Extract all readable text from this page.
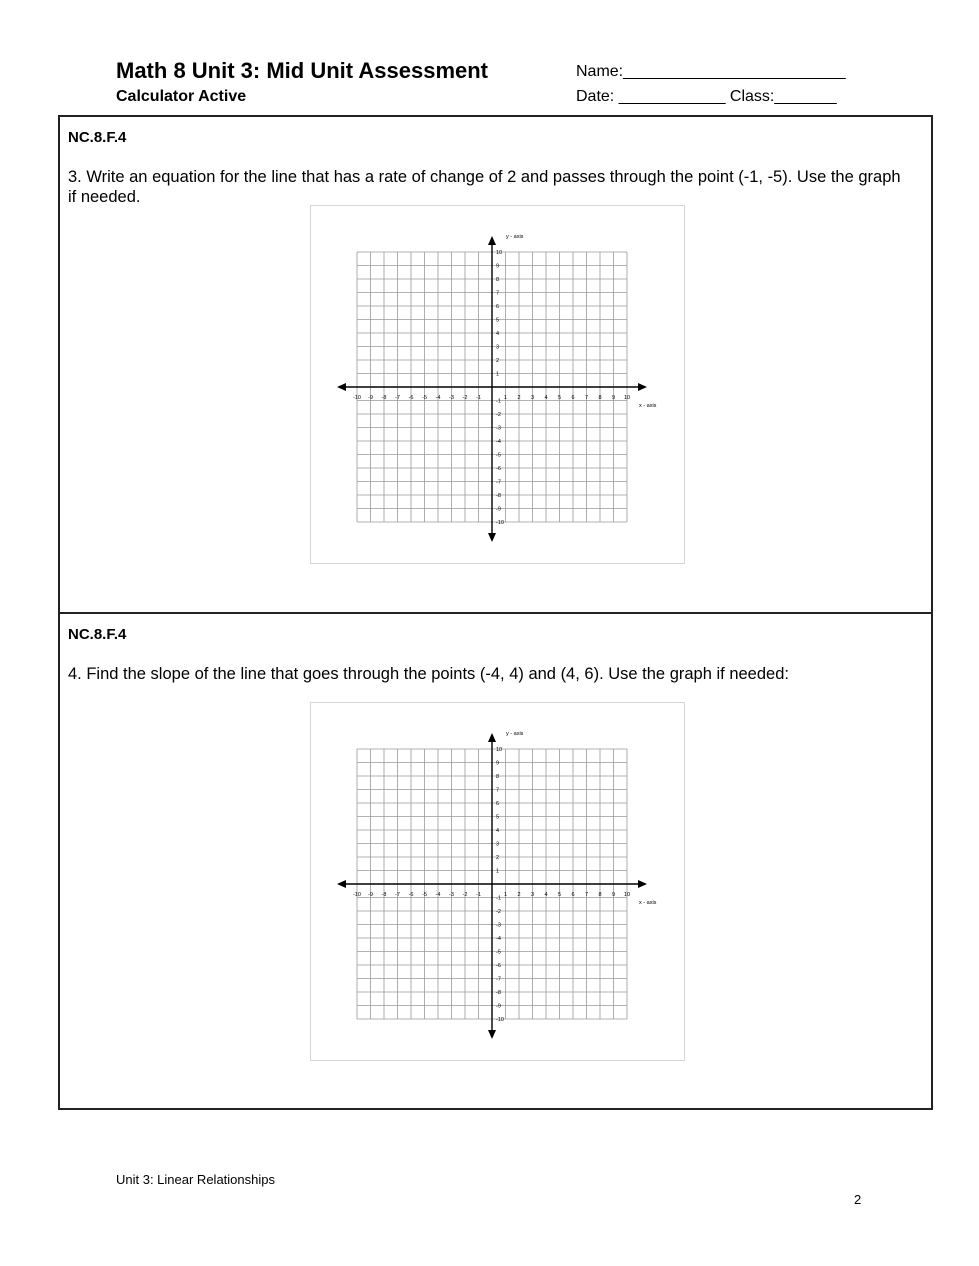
Math 8 Unit 3: Mid Unit Assessment
Calculator Active
Name:_________________________
Date: ____________ Class:_______
NC.8.F.4
3. Write an equation for the line that has a rate of change of 2 and passes through the point (-1, -5). Use the graph if needed.
-10 -9 -8 -7 -6 -5 -4 -3 -2 -1	1 2 3 4 5 6 7 8 9 10
-10
-9
-8
-7
-6
-5
-4
-3
-2
-1
1
2
3
4
5
6
7
8
9
10
x - axis
y - axis
NC.8.F.4
4. Find the slope of the line that goes through the points (-4, 4) and (4, 6). Use the graph if needed:
-10 -9 -8 -7 -6 -5 -4 -3 -2 -1	1 2 3 4 5 6 7 8 9 10
-10
-9
-8
-7
-6
-5
-4
-3
-2
-1
1
2
3
4
5
6
7
8
9
10
x - axis
y - axis
Unit 3: Linear Relationships
2
